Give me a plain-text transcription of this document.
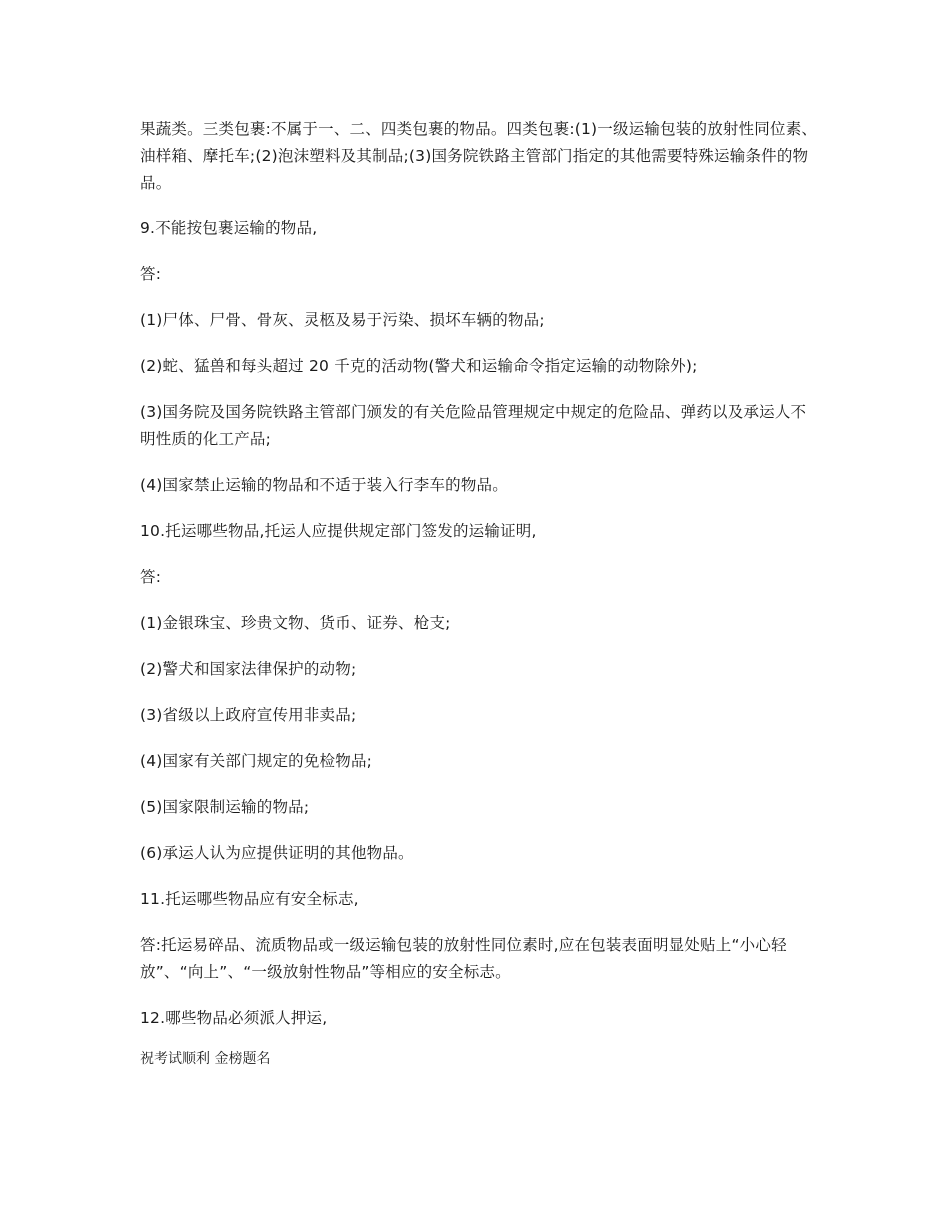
果蔬类。三类包裹:不属于一、二、四类包裹的物品。四类包裹:(1)一级运输包装的放射性同位素、油样箱、摩托车;(2)泡沫塑料及其制品;(3)国务院铁路主管部门指定的其他需要特殊运输条件的物品。

9.不能按包裹运输的物品,

答:

(1)尸体、尸骨、骨灰、灵柩及易于污染、损坏车辆的物品;

(2)蛇、猛兽和每头超过 20 千克的活动物(警犬和运输命令指定运输的动物除外);

(3)国务院及国务院铁路主管部门颁发的有关危险品管理规定中规定的危险品、弹药以及承运人不明性质的化工产品;

(4)国家禁止运输的物品和不适于装入行李车的物品。

10.托运哪些物品,托运人应提供规定部门签发的运输证明,

答:

(1)金银珠宝、珍贵文物、货币、证券、枪支;

(2)警犬和国家法律保护的动物;

(3)省级以上政府宣传用非卖品;

(4)国家有关部门规定的免检物品;

(5)国家限制运输的物品;

(6)承运人认为应提供证明的其他物品。

11.托运哪些物品应有安全标志,

答:托运易碎品、流质物品或一级运输包装的放射性同位素时,应在包装表面明显处贴上“小心轻放”、“向上”、“一级放射性物品”等相应的安全标志。

12.哪些物品必须派人押运,

祝考试顺利 金榜题名
